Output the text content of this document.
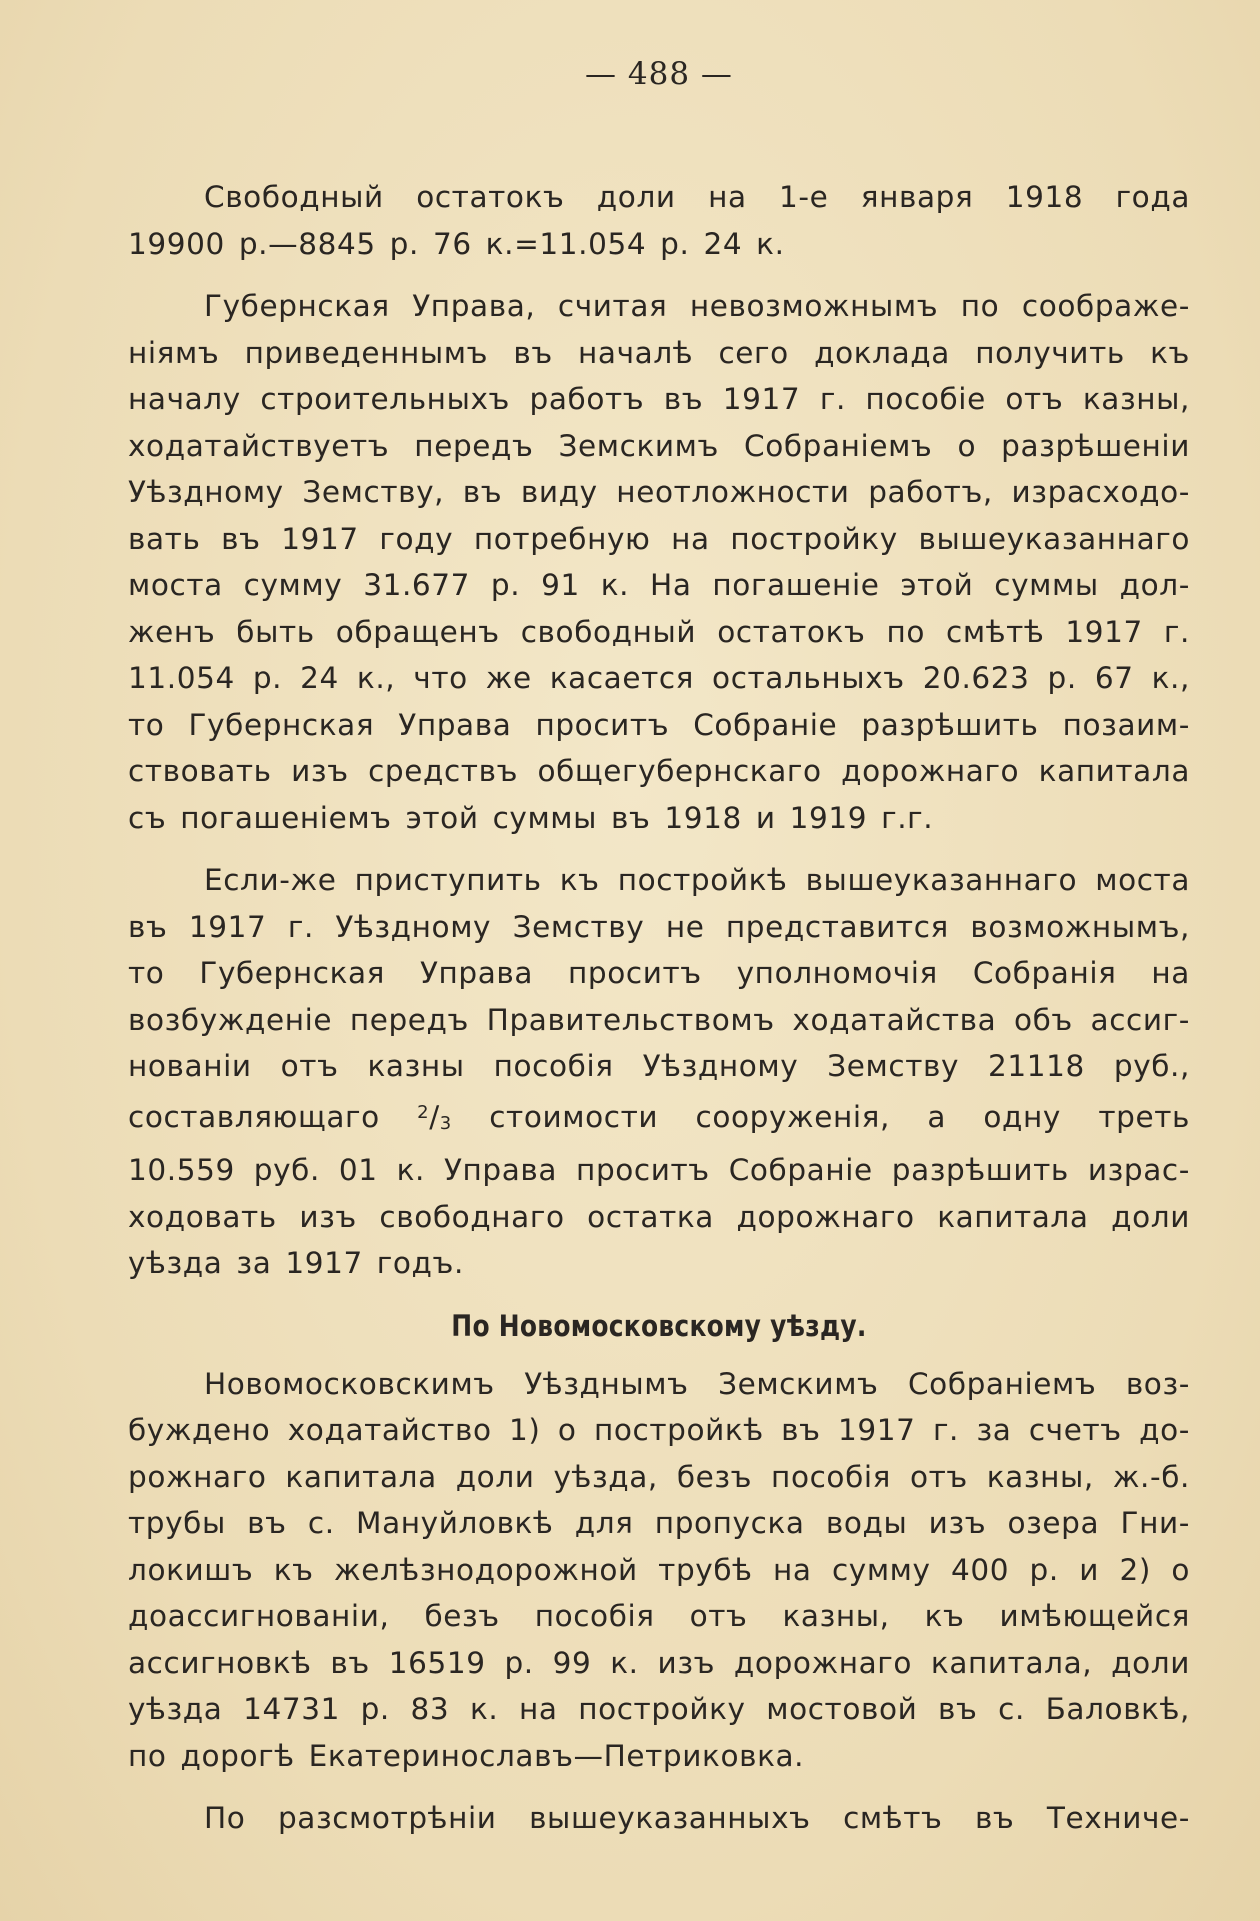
— 488 —
Свободный остатокъ доли на 1-е января 1918 года
19900 р.—8845 р. 76 к.=11.054 р. 24 к.
Губернская Управа, считая невозможнымъ по соображе-
нiямъ приведеннымъ въ началѣ сего доклада получить къ
началу строительныхъ работъ въ 1917 г. пособiе отъ казны,
ходатайствуетъ передъ Земскимъ Собранiемъ о разрѣшенiи
Уѣздному Земству, въ виду неотложности работъ, израсходо-
вать въ 1917 году потребную на постройку вышеуказаннаго
моста сумму 31.677 р. 91 к. На погашенiе этой суммы дол-
женъ быть обращенъ свободный остатокъ по смѣтѣ 1917 г.
11.054 р. 24 к., что же касается остальныхъ 20.623 р. 67 к.,
то Губернская Управа проситъ Собранiе разрѣшить позаим-
ствовать изъ средствъ общегубернскаго дорожнаго капитала
съ погашенiемъ этой суммы въ 1918 и 1919 г.г.
Если-же приступить къ постройкѣ вышеуказаннаго моста
въ 1917 г. Уѣздному Земству не представится возможнымъ,
то Губернская Управа проситъ уполномочiя Собранiя на
возбужденiе передъ Правительствомъ ходатайства объ ассиг-
нованiи отъ казны пособiя Уѣздному Земству 21118 руб.,
составляющаго $^2$/3 стоимости сооруженiя, а одну треть
10.559 руб. 01 к. Управа проситъ Собранiе разрѣшить израс-
ходовать изъ свободнаго остатка дорожнаго капитала доли
уѣзда за 1917 годъ.
По Новомосковскому уѣзду.
Новомосковскимъ Уѣзднымъ Земскимъ Собранiемъ воз-
буждено ходатайство 1) о постройкѣ въ 1917 г. за счетъ до-
рожнаго капитала доли уѣзда, безъ пособiя отъ казны, ж.-б.
трубы въ с. Мануйловкѣ для пропуска воды изъ озера Гни-
локишъ къ желѣзнодорожной трубѣ на сумму 400 р. и 2) о
доассигнованiи, безъ пособiя отъ казны, къ имѣющейся
ассигновкѣ въ 16519 р. 99 к. изъ дорожнаго капитала, доли
уѣзда 14731 р. 83 к. на постройку мостовой въ с. Баловкѣ,
по дорогѣ Екатеринославъ—Петриковка.
По разсмотрѣнiи вышеуказанныхъ смѣтъ въ Техниче-
